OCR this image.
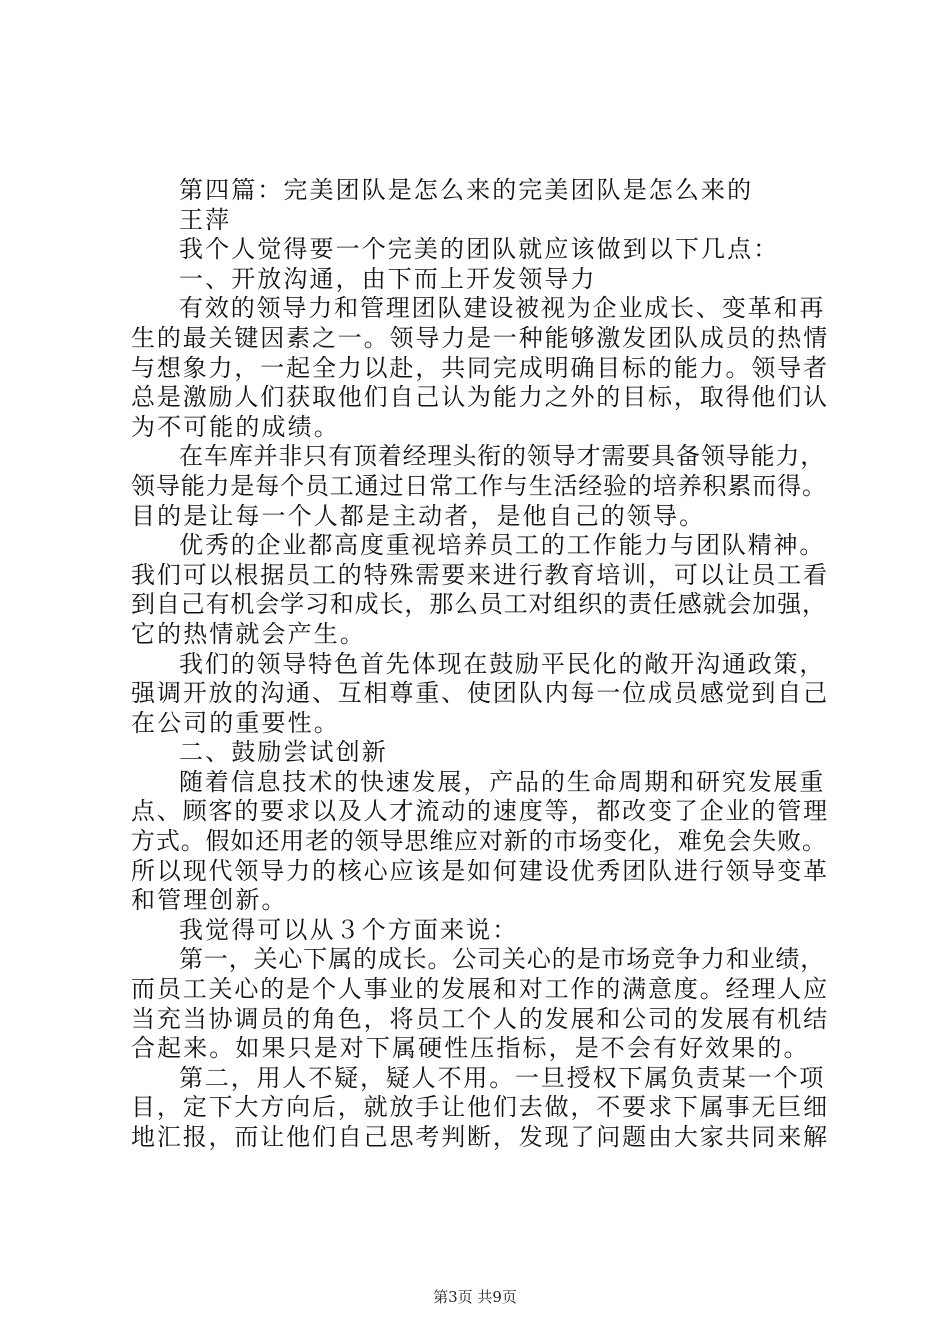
第四篇：完美团队是怎么来的完美团队是怎么来的
王萍
我个人觉得要一个完美的团队就应该做到以下几点：
一、开放沟通，由下而上开发领导力
有效的领导力和管理团队建设被视为企业成长、变革和再
生的最关键因素之一。领导力是一种能够激发团队成员的热情
与想象力，一起全力以赴，共同完成明确目标的能力。领导者
总是激励人们获取他们自己认为能力之外的目标，取得他们认
为不可能的成绩。
在车库并非只有顶着经理头衔的领导才需要具备领导能力，
领导能力是每个员工通过日常工作与生活经验的培养积累而得。
目的是让每一个人都是主动者，是他自己的领导。
优秀的企业都高度重视培养员工的工作能力与团队精神。
我们可以根据员工的特殊需要来进行教育培训，可以让员工看
到自己有机会学习和成长，那么员工对组织的责任感就会加强，
它的热情就会产生。
我们的领导特色首先体现在鼓励平民化的敞开沟通政策，
强调开放的沟通、互相尊重、使团队内每一位成员感觉到自己
在公司的重要性。
二、鼓励尝试创新
随着信息技术的快速发展，产品的生命周期和研究发展重
点、顾客的要求以及人才流动的速度等，都改变了企业的管理
方式。假如还用老的领导思维应对新的市场变化，难免会失败。
所以现代领导力的核心应该是如何建设优秀团队进行领导变革
和管理创新。
我觉得可以从３个方面来说：
第一，关心下属的成长。公司关心的是市场竞争力和业绩，
而员工关心的是个人事业的发展和对工作的满意度。经理人应
当充当协调员的角色，将员工个人的发展和公司的发展有机结
合起来。如果只是对下属硬性压指标，是不会有好效果的。
第二，用人不疑，疑人不用。一旦授权下属负责某一个项
目，定下大方向后，就放手让他们去做，不要求下属事无巨细
地汇报，而让他们自己思考判断，发现了问题由大家共同来解
第3页 共9页
